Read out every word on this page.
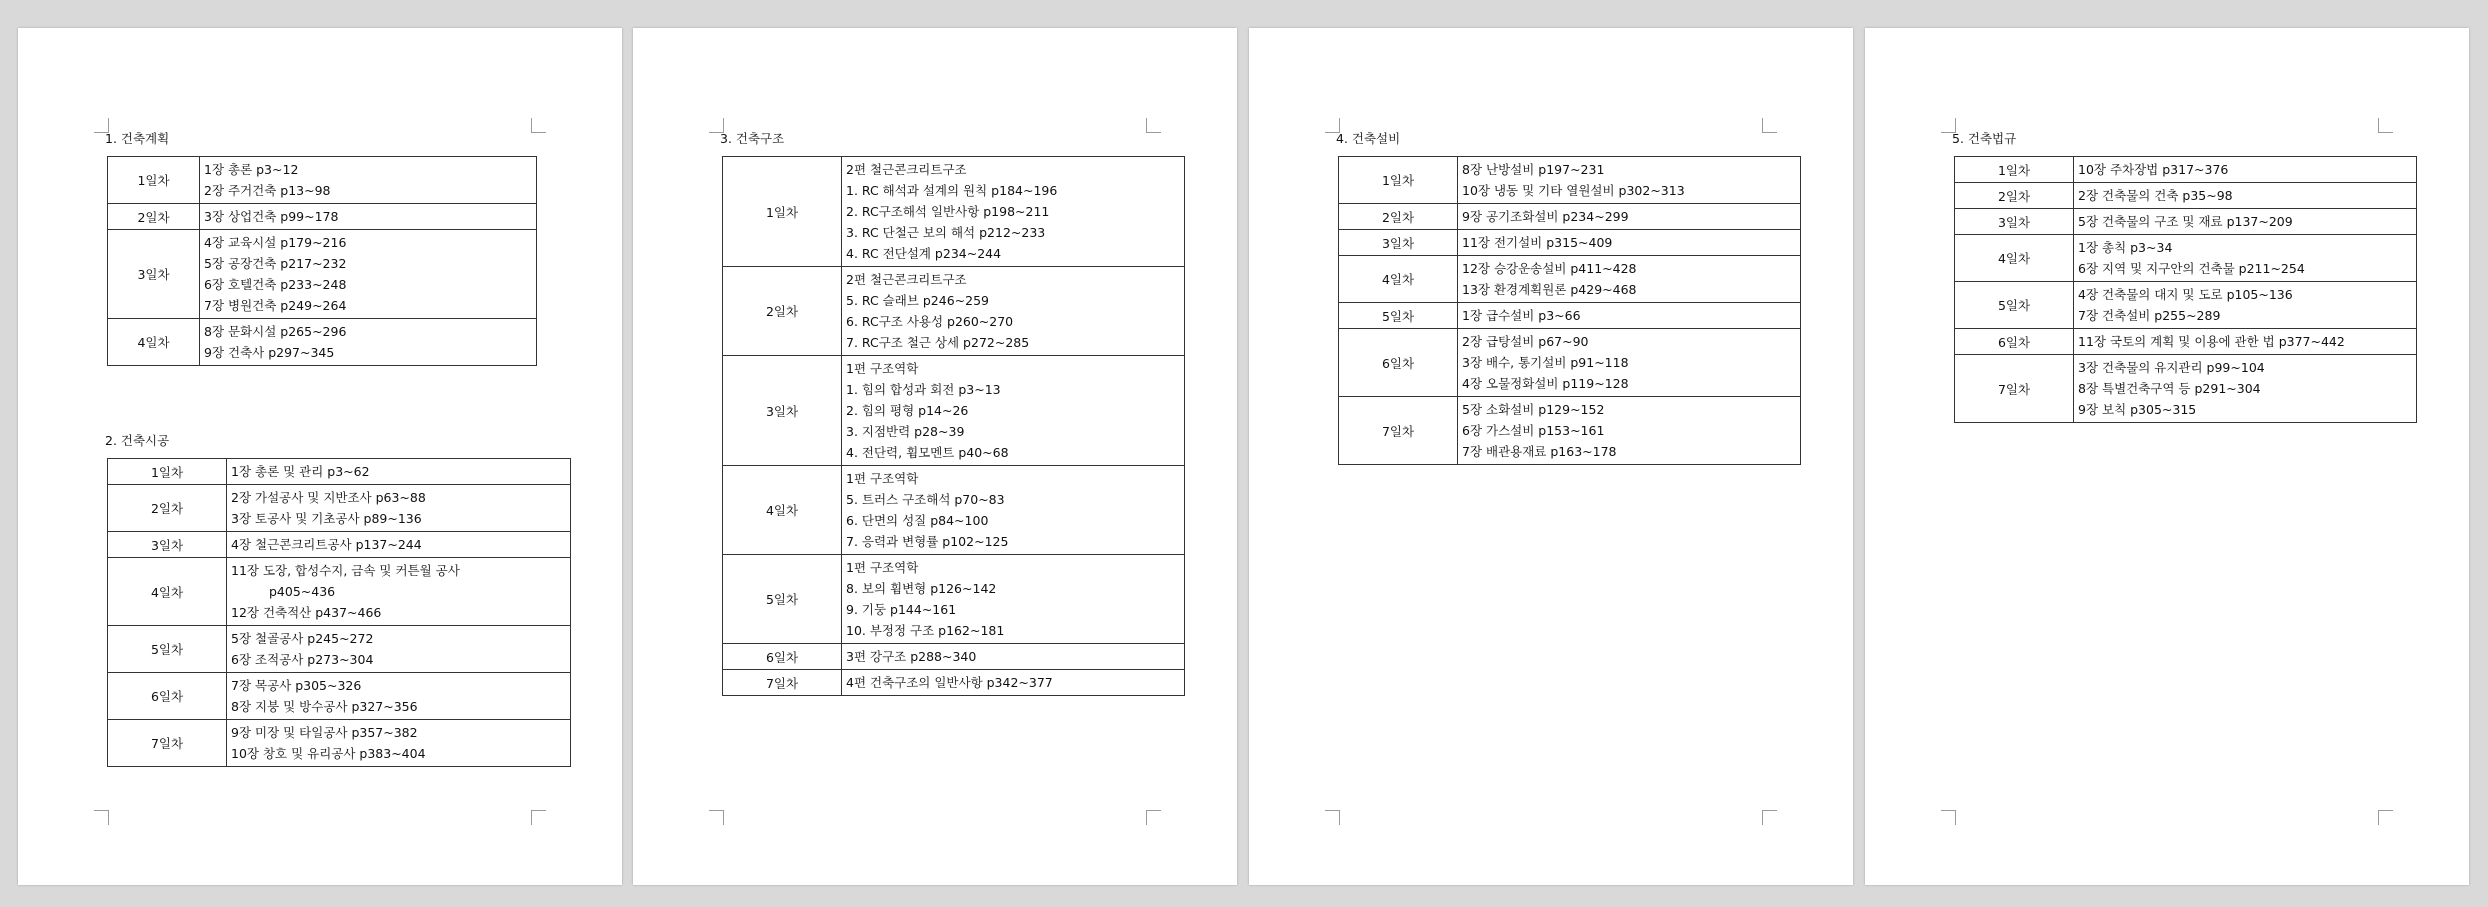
1. 건축계획
1일차	1장 총론 p3~12
2장 주거건축 p13~98

2일차	3장 상업건축 p99~178

3일차	4장 교육시설 p179~216
5장 공장건축 p217~232
6장 호텔건축 p233~248
7장 병원건축 p249~264

4일차	8장 문화시설 p265~296
9장 건축사 p297~345
2. 건축시공
1일차	1장 총론 및 관리 p3~62

2일차	2장 가설공사 및 지반조사 p63~88
3장 토공사 및 기초공사 p89~136

3일차	4장 철근콘크리트공사 p137~244

4일차	11장 도장, 합성수지, 금속 및 커튼월 공사
p405~436
12장 건축적산 p437~466

5일차	5장 철골공사 p245~272
6장 조적공사 p273~304

6일차	7장 목공사 p305~326
8장 지붕 및 방수공사 p327~356

7일차	9장 미장 및 타일공사 p357~382
10장 창호 및 유리공사 p383~404
3. 건축구조
1일차	2편 철근콘크리트구조
1. RC 해석과 설계의 원칙 p184~196
2. RC구조해석 일반사항 p198~211
3. RC 단철근 보의 해석 p212~233
4. RC 전단설계 p234~244

2일차	2편 철근콘크리트구조
5. RC 슬래브 p246~259
6. RC구조 사용성 p260~270
7. RC구조 철근 상세 p272~285

3일차	1편 구조역학
1. 힘의 합성과 회전 p3~13
2. 힘의 평형 p14~26
3. 지점반력 p28~39
4. 전단력, 휨모멘트 p40~68

4일차	1편 구조역학
5. 트러스 구조해석 p70~83
6. 단면의 성질 p84~100
7. 응력과 변형률 p102~125

5일차	1편 구조역학
8. 보의 휨변형 p126~142
9. 기둥 p144~161
10. 부정정 구조 p162~181

6일차	3편 강구조 p288~340

7일차	4편 건축구조의 일반사항 p342~377
4. 건축설비
1일차	8장 난방설비 p197~231
10장 냉동 및 기타 열원설비 p302~313

2일차	9장 공기조화설비 p234~299

3일차	11장 전기설비 p315~409

4일차	12장 승강운송설비 p411~428
13장 환경계획원론 p429~468

5일차	1장 급수설비 p3~66

6일차	2장 급탕설비 p67~90
3장 배수, 통기설비 p91~118
4장 오물정화설비 p119~128

7일차	5장 소화설비 p129~152
6장 가스설비 p153~161
7장 배관용재료 p163~178
5. 건축법규
1일차	10장 주차장법 p317~376

2일차	2장 건축물의 건축 p35~98

3일차	5장 건축물의 구조 및 재료 p137~209

4일차	1장 총칙 p3~34
6장 지역 및 지구안의 건축물 p211~254

5일차	4장 건축물의 대지 및 도로 p105~136
7장 건축설비 p255~289

6일차	11장 국토의 계획 및 이용에 관한 법 p377~442

7일차	3장 건축물의 유지관리 p99~104
8장 특별건축구역 등 p291~304
9장 보칙 p305~315
